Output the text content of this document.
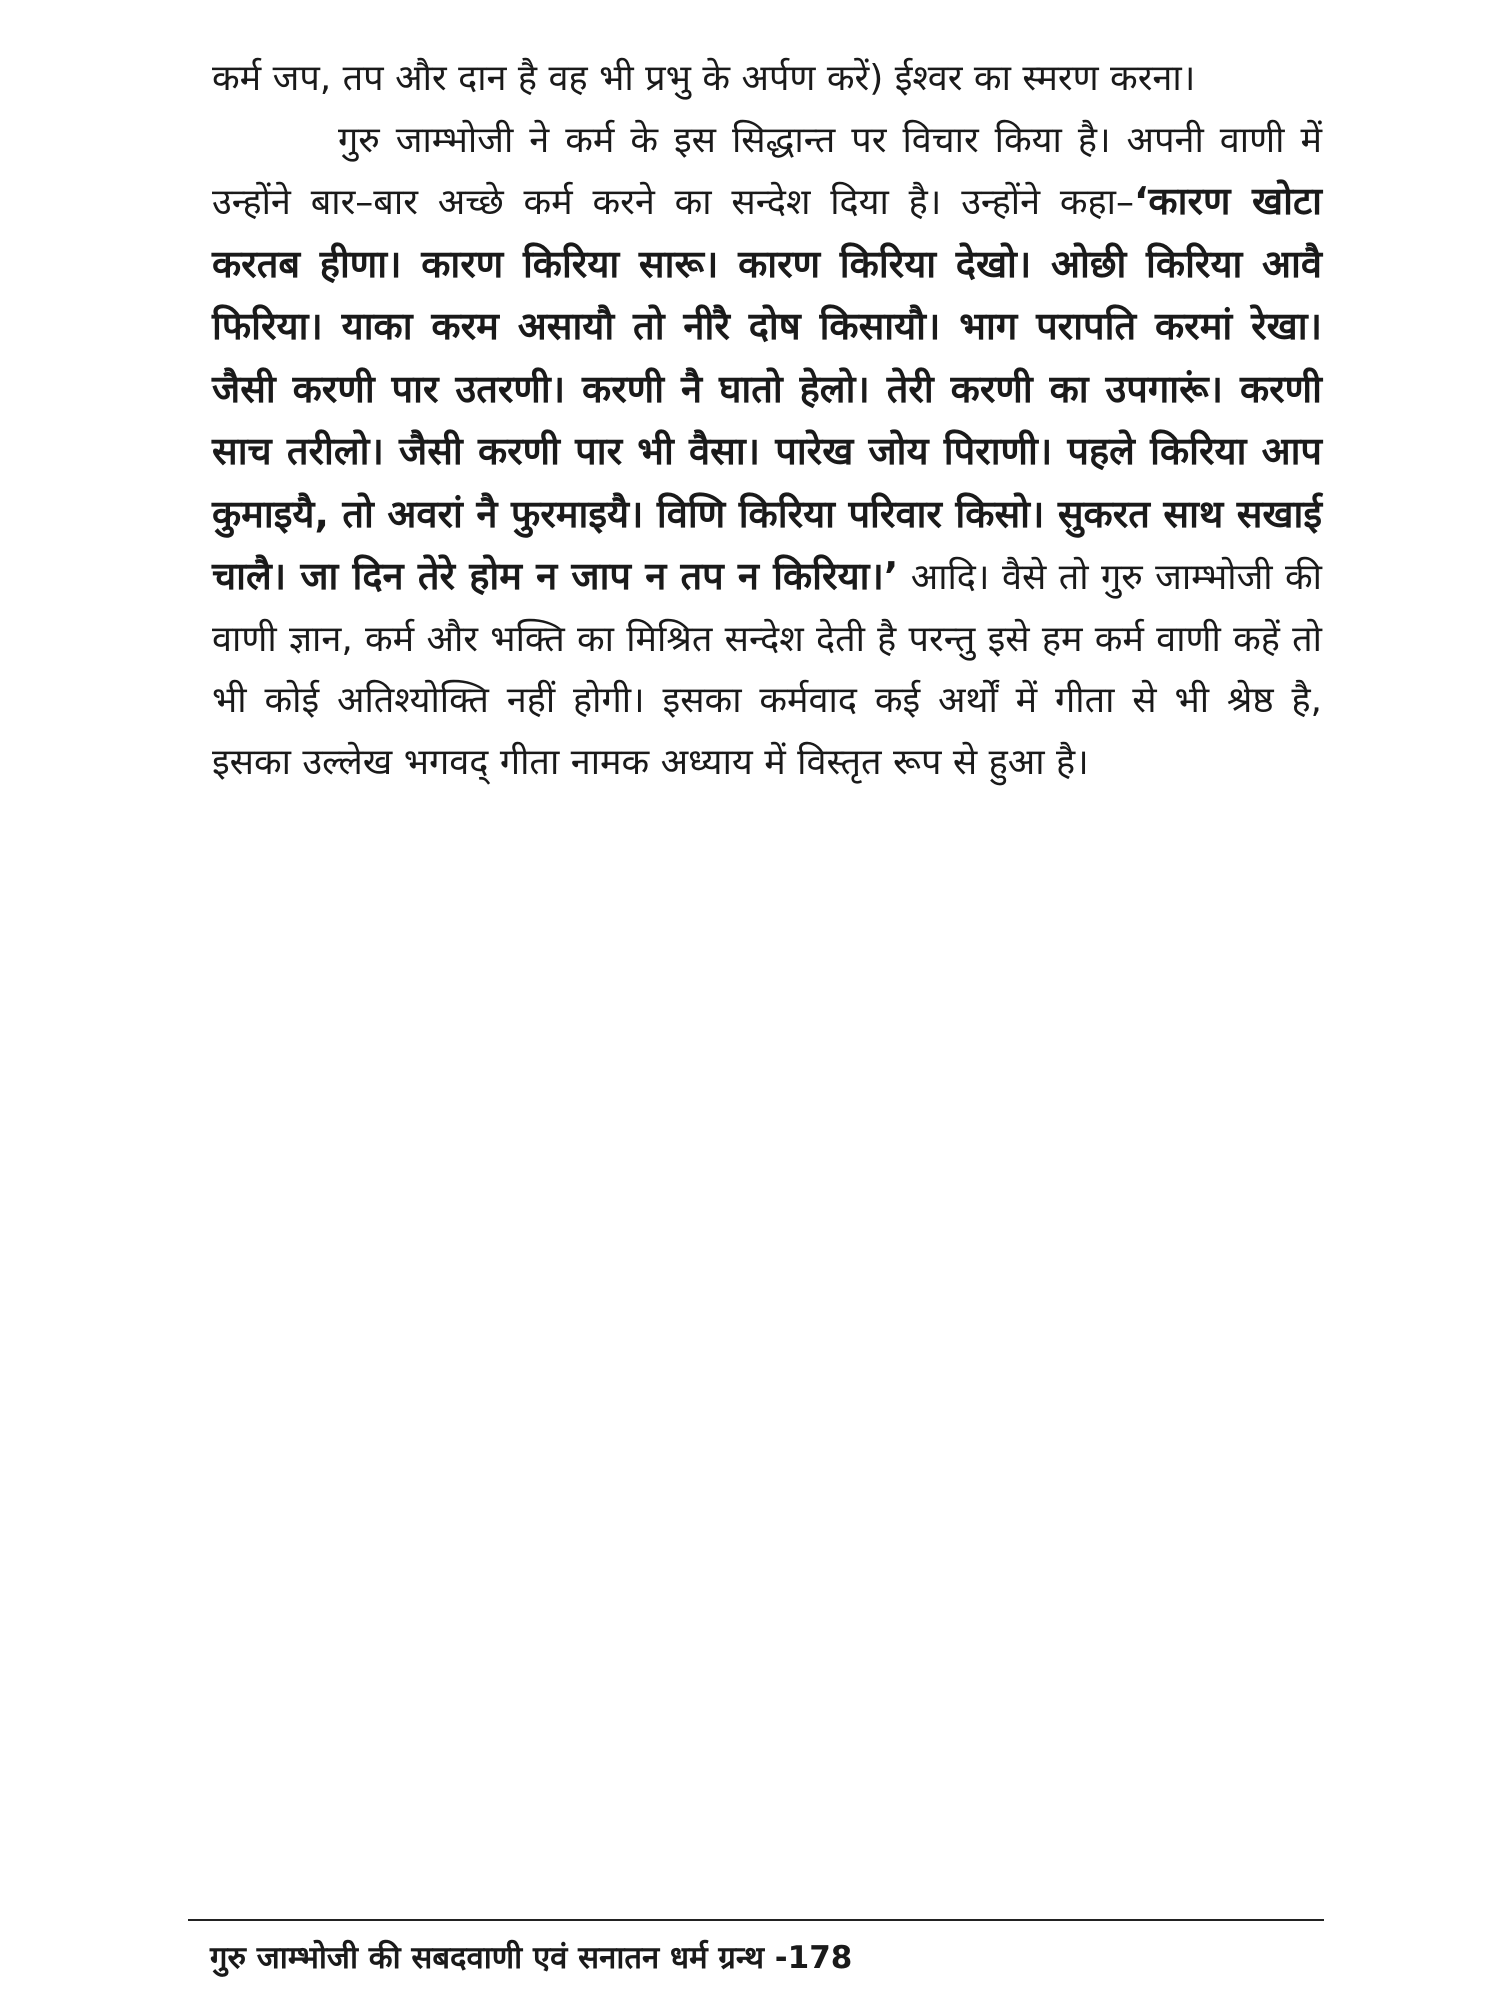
कर्म जप, तप और दान है वह भी प्रभु के अर्पण करें) ईश्वर का स्मरण करना।

गुरु जाम्भोजी ने कर्म के इस सिद्धान्त पर विचार किया है। अपनी वाणी में उन्होंने बार–बार अच्छे कर्म करने का सन्देश दिया है। उन्होंने कहा–‘कारण खोटा करतब हीणा। कारण किरिया सारू। कारण किरिया देखो। ओछी किरिया आवै फिरिया। याका करम असायौ तो नीरै दोष किसायौ। भाग परापति करमां रेखा। जैसी करणी पार उतरणी। करणी नै घातो हेलो। तेरी करणी का उपगारूं। करणी साच तरीलो। जैसी करणी पार भी वैसा। पारेख जोय पिराणी। पहले किरिया आप कुमाइयै, तो अवरां नै फुरमाइयै। विणि किरिया परिवार किसो। सुकरत साथ सखाई चालै। जा दिन तेरे होम न जाप न तप न किरिया।’ आदि। वैसे तो गुरु जाम्भोजी की वाणी ज्ञान, कर्म और भक्ति का मिश्रित सन्देश देती है परन्तु इसे हम कर्म वाणी कहें तो भी कोई अतिश्योक्ति नहीं होगी। इसका कर्मवाद कई अर्थों में गीता से भी श्रेष्ठ है, इसका उल्लेख भगवद् गीता नामक अध्याय में विस्तृत रूप से हुआ है।

गुरु जाम्भोजी की सबदवाणी एवं सनातन धर्म ग्रन्थ -178
